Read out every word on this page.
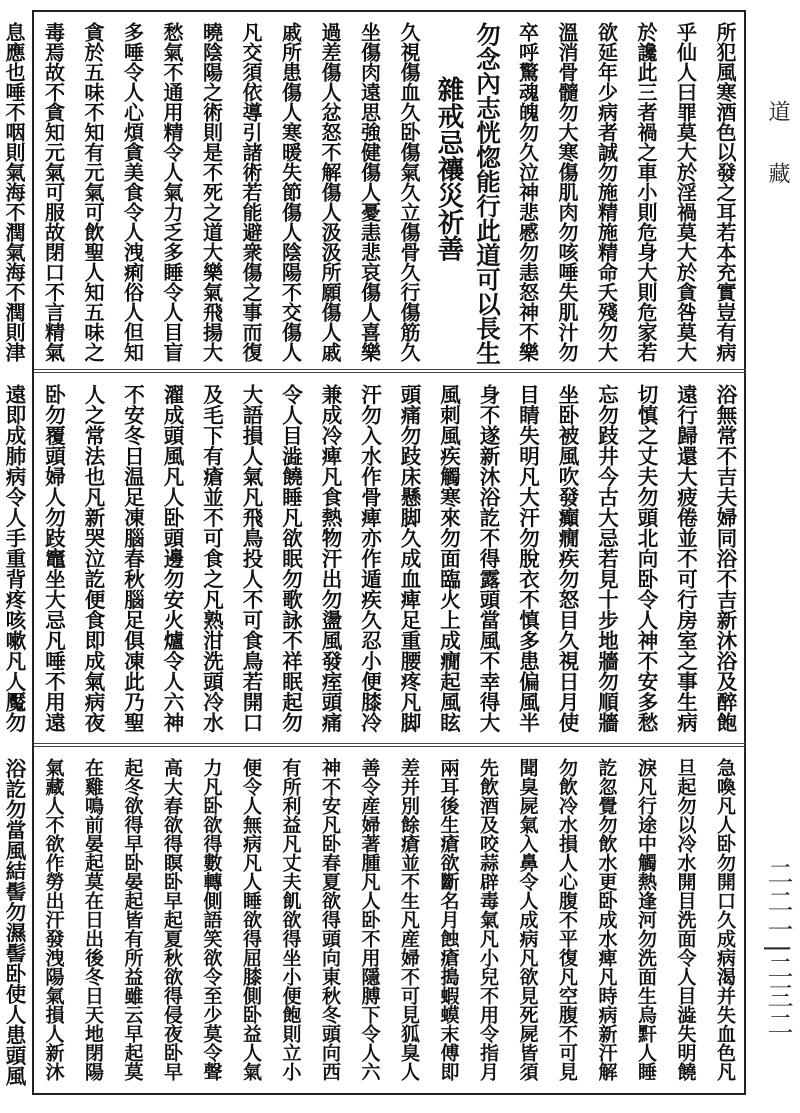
道藏
二二一|二三二
所犯風寒酒色以發之耳若本充實豈有病
乎仙人曰罪莫大於淫禍莫大於貪咎莫大
於讒此三者禍之車小則危身大則危家若
欲延年少病者誠勿施精施精命夭殘勿大
溫消骨髓勿大寒傷肌肉勿咳唾失肌汁勿
卒呼驚魂魄勿久泣神悲慼勿恚怒神不樂
勿念內志恍惚能行此道可以長生
雜戒忌禳災祈善
久視傷血久卧傷氣久立傷骨久行傷筋久
坐傷肉遠思強健傷人憂恚悲哀傷人喜樂
過差傷人忿怒不解傷人汲汲所願傷人戚
戚所患傷人寒暖失節傷人陰陽不交傷人
凡交須依導引諸術若能避衆傷之事而復
曉陰陽之術則是不死之道大樂氣飛揚大
愁氣不通用精令人氣力乏多睡令人目盲
多唾令人心煩貪美食令人洩痢俗人但知
貪於五味不知有元氣可飲聖人知五味之
毒焉故不貪知元氣可服故閉口不言精氣
息應也唾不咽則氣海不潤氣海不潤則津
浴無常不吉夫婦同浴不吉新沐浴及醉飽
遠行歸還大疲倦並不可行房室之事生病
切慎之丈夫勿頭北向卧令人神不安多愁
忘勿跂井今古大忌若見十步地牆勿順牆
坐卧被風吹發癲癇疾勿怒目久視日月使
目睛失明凡大汗勿脫衣不慎多患偏風半
身不遂新沐浴訖不得露頭當風不幸得大
風刺風疾觸寒來勿面臨火上成癇起風眩
頭痛勿跂床懸脚久成血痺足重腰疼凡脚
汗勿入水作骨痺亦作遁疾久忍小便膝冷
兼成冷痺凡食熱物汗出勿盪風發痓頭痛
令人目澁饒睡凡欲眠勿歌詠不祥眠起勿
大語損人氣凡飛鳥投人不可食鳥若開口
及毛下有瘡並不可食之凡熟泔洗頭冷水
濯成頭風凡人卧頭邊勿安火爐令人六神
不安冬日温足凍腦春秋腦足俱凍此乃聖
人之常法也凡新哭泣訖便食即成氣病夜
卧勿覆頭婦人勿跂竈坐大忌凡唾不用遠
遠即成肺病令人手重背疼咳嗽凡人魘勿
急喚凡人卧勿開口久成病渴并失血色凡
旦起勿以冷水開目洗面令人目澁失明饒
淚凡行途中觸熱逢河勿洗面生烏䵟人睡
訖忽覺勿飲水更卧成水痺凡時病新汗解
勿飲冷水損人心腹不平復凡空腹不可見
聞臭屍氣入鼻令人成病凡欲見死屍皆須
先飲酒及咬蒜辟毒氣凡小兒不用令指月
兩耳後生瘡欲斷名月蝕瘡搗蝦蟆末傅即
差并別餘瘡並不生凡産婦不可見狐臭人
善令産婦著腫凡人卧不用隱膊下令人六
神不安凡卧春夏欲得頭向東秋冬頭向西
有所利益凡丈夫飢欲得坐小便飽則立小
便令人無病凡人睡欲得屈膝側卧益人氣
力凡卧欲得數轉側語笑欲令至少莫令聲
高大春欲得瞑卧早起夏秋欲得侵夜卧早
起冬欲得早卧晏起皆有所益雖云早起莫
在雞鳴前晏起莫在日出後冬日天地閉陽
氣藏人不欲作勞出汗發洩陽氣損人新沐
浴訖勿當風結髻勿濕髻卧使人患頭風
